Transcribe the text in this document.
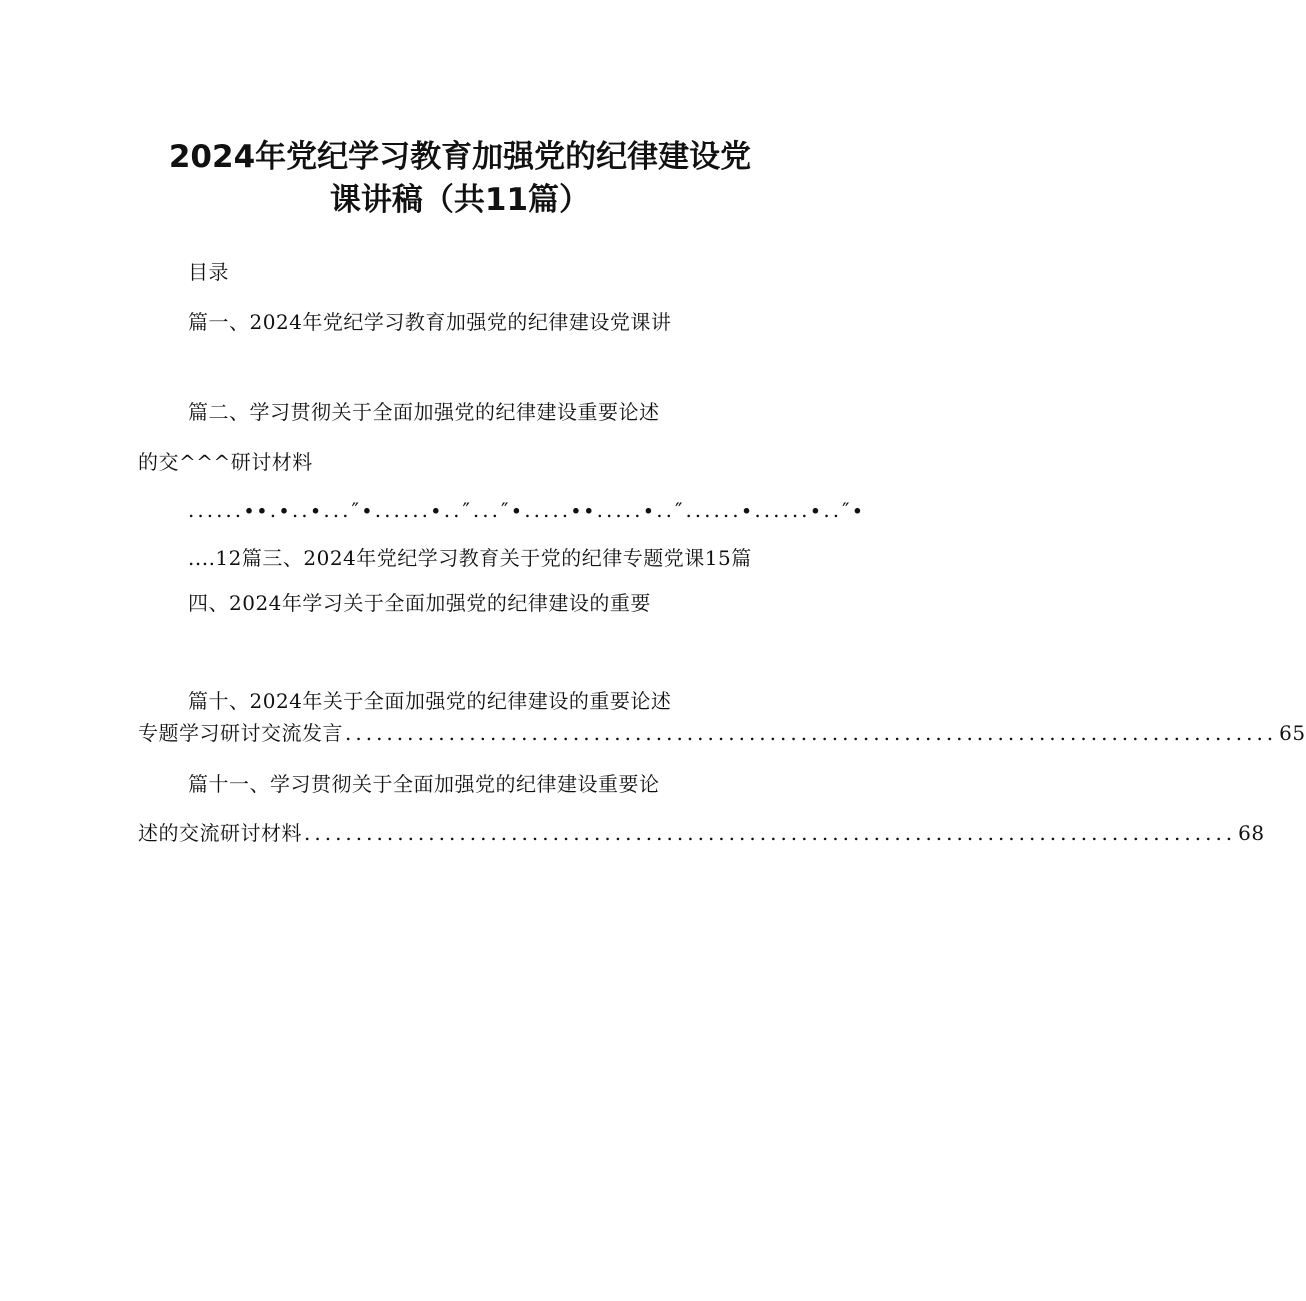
2024年党纪学习教育加强党的纪律建设党
课讲稿（共11篇）
目录
篇一、2024年党纪学习教育加强党的纪律建设党课讲
篇二、学习贯彻关于全面加强党的纪律建设重要论述
的交^^^研讨材料
......∙∙.∙..∙...″∙......∙..″...″∙.....∙∙.....∙..″......∙......∙..″∙
....12篇三、2024年党纪学习教育关于党的纪律专题党课15篇
四、2024年学习关于全面加强党的纪律建设的重要
篇十、2024年关于全面加强党的纪律建设的重要论述
专题学习研讨交流发言 .......................................................................................... 65
篇十一、学习贯彻关于全面加强党的纪律建设重要论
述的交流研讨材料 .......................................................................................... 68
